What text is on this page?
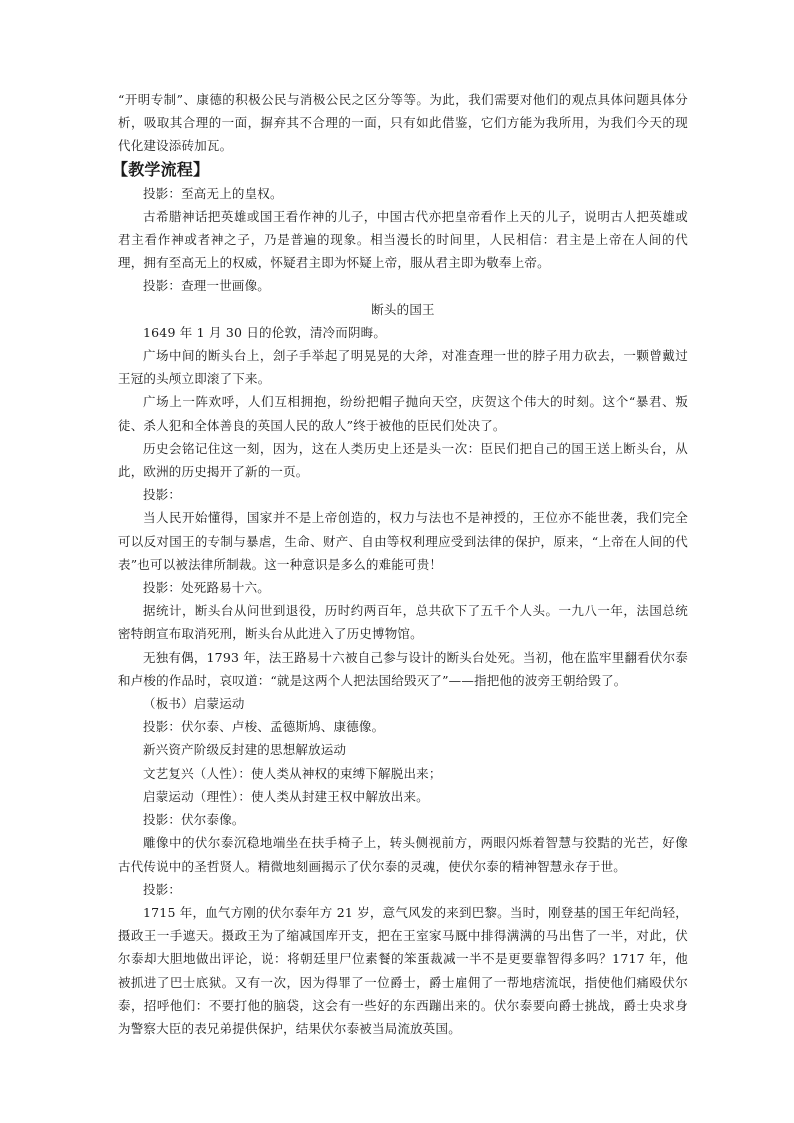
“开明专制”、康德的积极公民与消极公民之区分等等。为此，我们需要对他们的观点具体问题具体分析，吸取其合理的一面，摒弃其不合理的一面，只有如此借鉴，它们方能为我所用，为我们今天的现代化建设添砖加瓦。

【教学流程】

投影：至高无上的皇权。

古希腊神话把英雄或国王看作神的儿子，中国古代亦把皇帝看作上天的儿子，说明古人把英雄或君主看作神或者神之子，乃是普遍的现象。相当漫长的时间里，人民相信：君主是上帝在人间的代理，拥有至高无上的权威，怀疑君主即为怀疑上帝，服从君主即为敬奉上帝。

投影：查理一世画像。

断头的国王

1649 年 1 月 30 日的伦敦，清冷而阴晦。

广场中间的断头台上，刽子手举起了明晃晃的大斧，对准查理一世的脖子用力砍去，一颗曾戴过王冠的头颅立即滚了下来。

广场上一阵欢呼，人们互相拥抱，纷纷把帽子抛向天空，庆贺这个伟大的时刻。这个“暴君、叛徒、杀人犯和全体善良的英国人民的敌人”终于被他的臣民们处决了。

历史会铭记住这一刻，因为，这在人类历史上还是头一次：臣民们把自己的国王送上断头台，从此，欧洲的历史揭开了新的一页。

投影：

当人民开始懂得，国家并不是上帝创造的，权力与法也不是神授的，王位亦不能世袭，我们完全可以反对国王的专制与暴虐，生命、财产、自由等权利理应受到法律的保护，原来，“上帝在人间的代表”也可以被法律所制裁。这一种意识是多么的难能可贵！

投影：处死路易十六。

据统计，断头台从问世到退役，历时约两百年，总共砍下了五千个人头。一九八一年，法国总统密特朗宣布取消死刑，断头台从此进入了历史博物馆。

无独有偶，1793 年，法王路易十六被自己参与设计的断头台处死。当初，他在监牢里翻看伏尔泰和卢梭的作品时，哀叹道：“就是这两个人把法国给毁灭了”——指把他的波旁王朝给毁了。

（板书）启蒙运动

投影：伏尔泰、卢梭、孟德斯鸠、康德像。

新兴资产阶级反封建的思想解放运动

文艺复兴（人性）：使人类从神权的束缚下解脱出来；

启蒙运动（理性）：使人类从封建王权中解放出来。

投影：伏尔泰像。

雕像中的伏尔泰沉稳地端坐在扶手椅子上，转头侧视前方，两眼闪烁着智慧与狡黠的光芒，好像古代传说中的圣哲贤人。精微地刻画揭示了伏尔泰的灵魂，使伏尔泰的精神智慧永存于世。

投影：

1715 年，血气方刚的伏尔泰年方 21 岁，意气风发的来到巴黎。当时，刚登基的国王年纪尚轻，摄政王一手遮天。摄政王为了缩减国库开支，把在王室家马厩中排得满满的马出售了一半，对此，伏尔泰却大胆地做出评论，说：将朝廷里尸位素餐的笨蛋裁减一半不是更要靠智得多吗？1717 年，他被抓进了巴士底狱。又有一次，因为得罪了一位爵士，爵士雇佣了一帮地痞流氓，指使他们痛殴伏尔泰，招呼他们：不要打他的脑袋，这会有一些好的东西蹦出来的。伏尔泰要向爵士挑战，爵士央求身为警察大臣的表兄弟提供保护，结果伏尔泰被当局流放英国。
